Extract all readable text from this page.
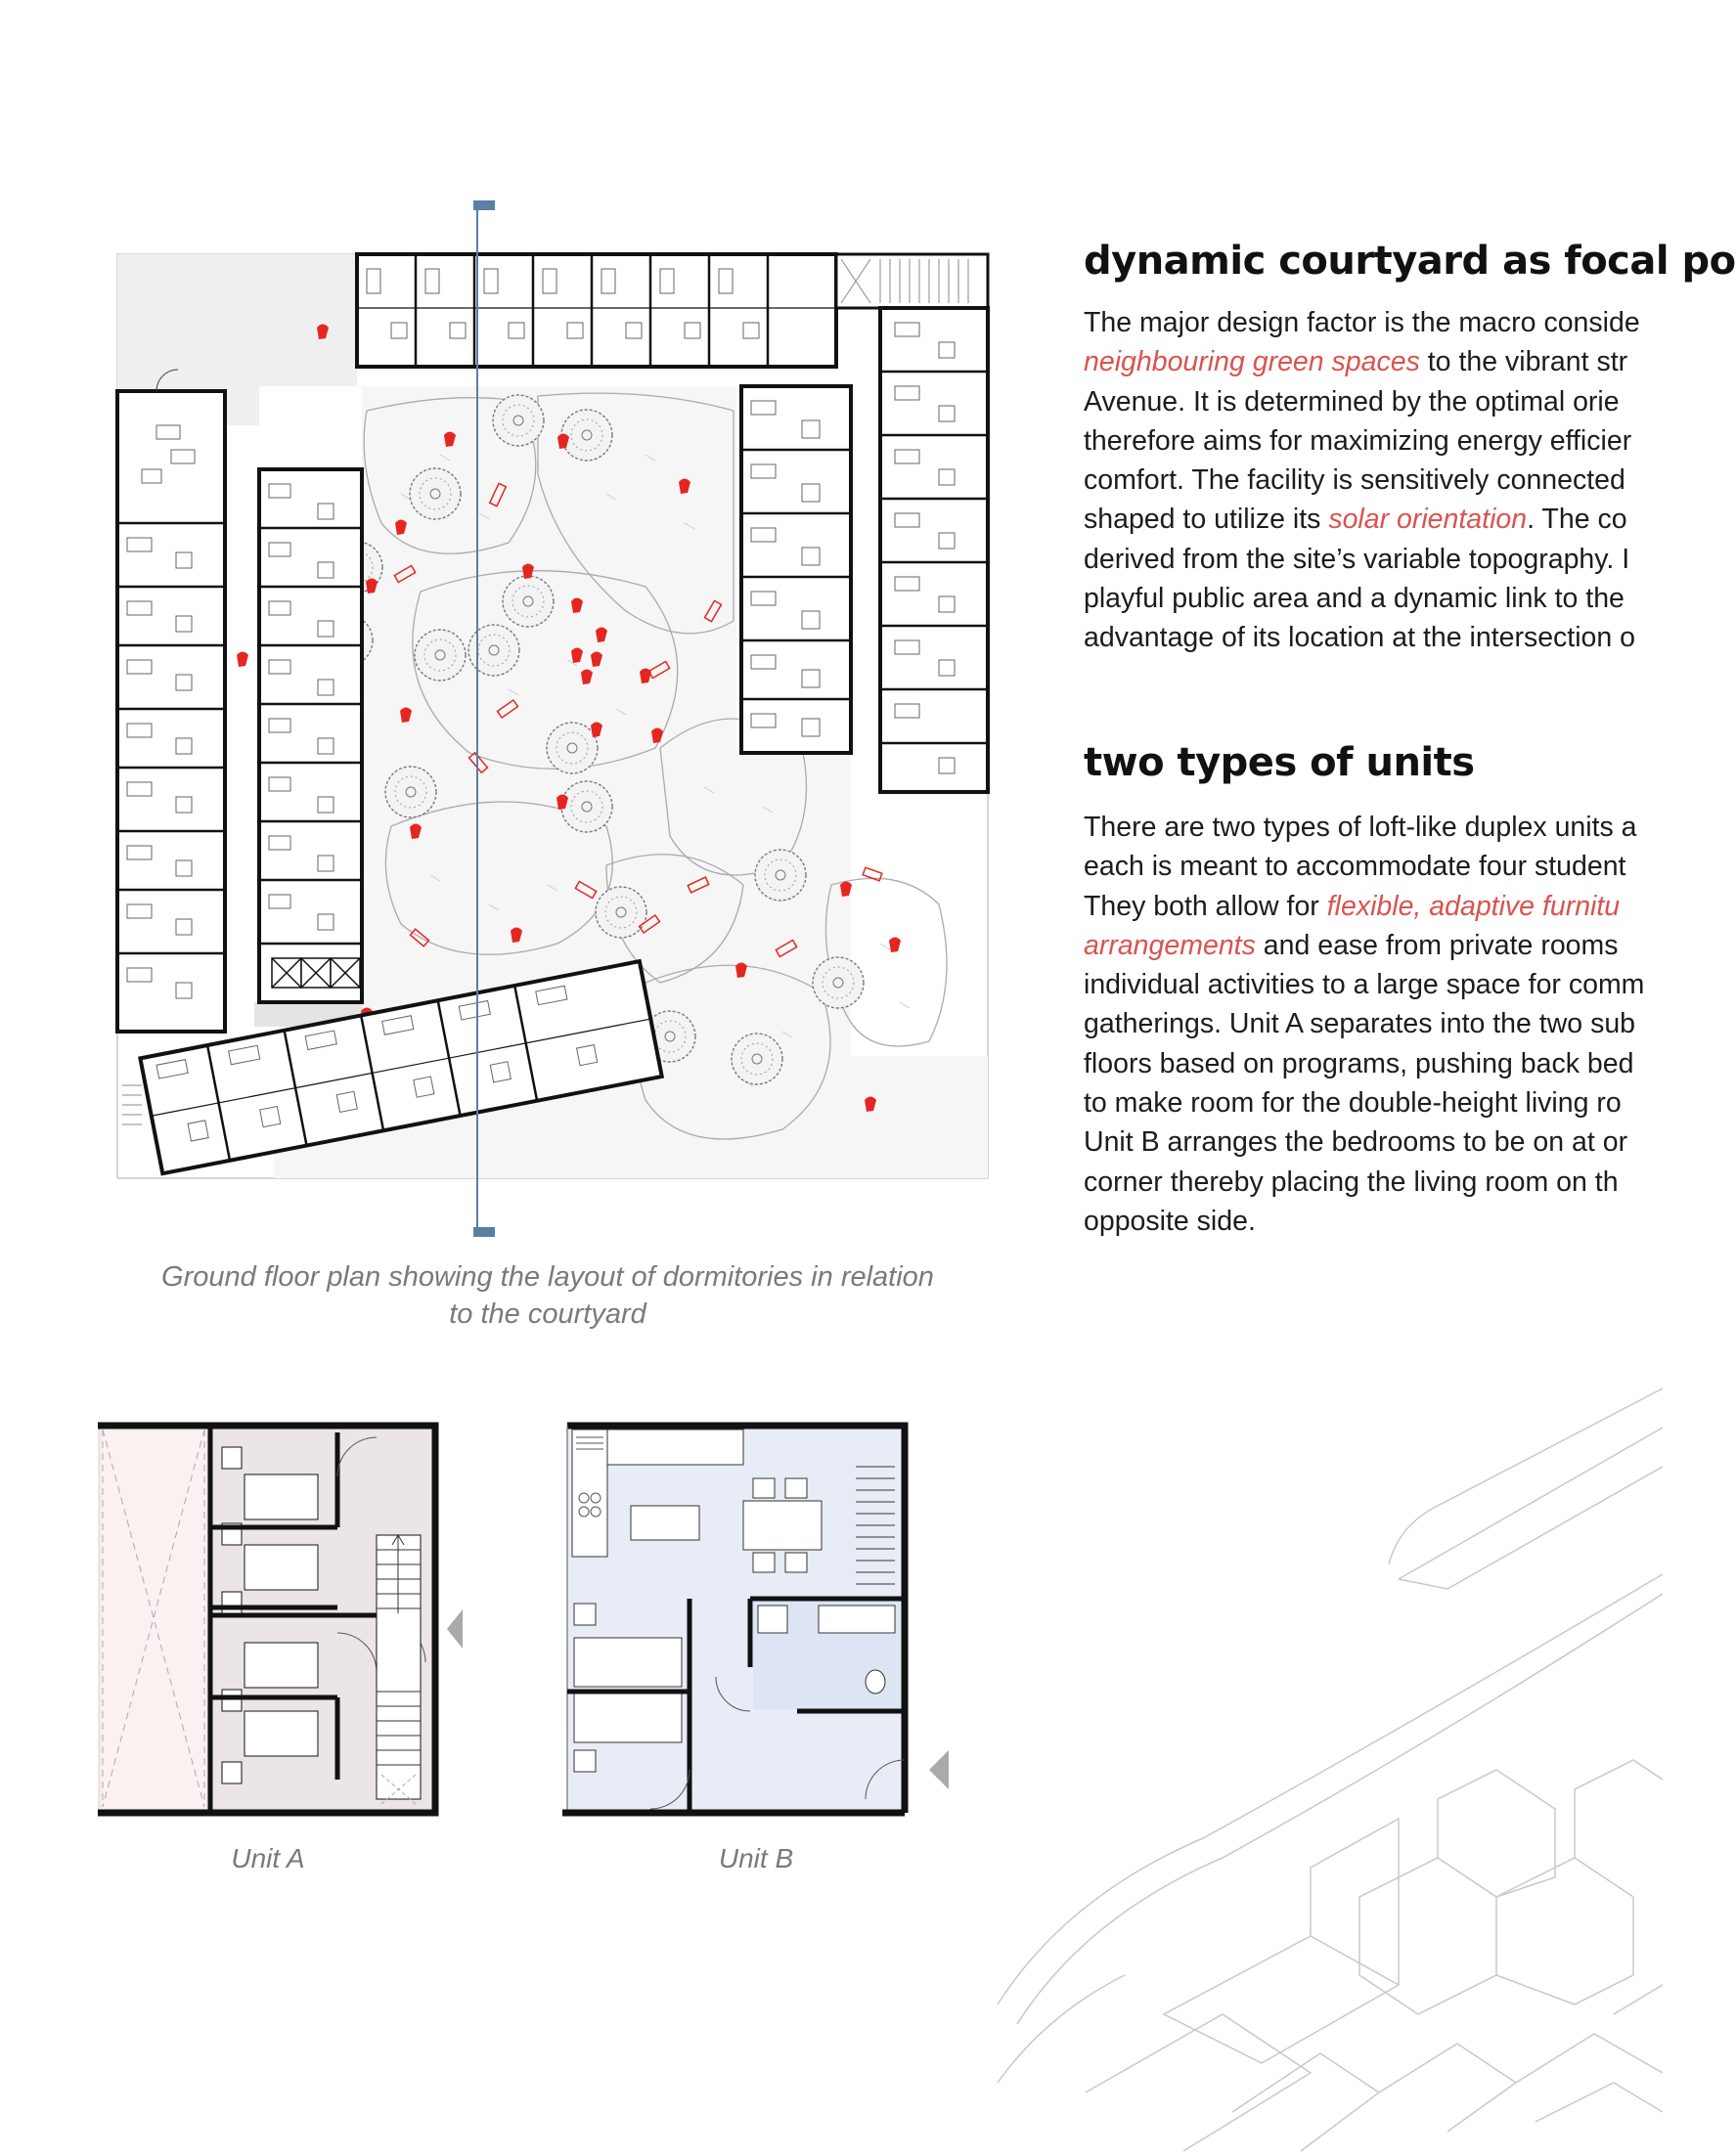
Ground floor plan showing the layout of dormitories in relation
to the courtyard
dynamic courtyard as focal po
The major design factor is the macro conside
neighbouring green spaces to the vibrant str
Avenue. It is determined by the optimal orie
therefore aims for maximizing energy efficier
comfort. The facility is sensitively connected
shaped to utilize its solar orientation. The co
derived from the site’s variable topography. I
playful public area and a dynamic link to the
advantage of its location at the intersection o
two types of units
There are two types of loft-like duplex units a
each is meant to accommodate four student
They both allow for flexible, adaptive furnitu
arrangements and ease from private rooms
individual activities to a large space for comm
gatherings. Unit A separates into the two sub
floors based on programs, pushing back bed
to make room for the double-height living ro
Unit B arranges the bedrooms to be on at or
corner thereby placing the living room on th
opposite side.
Unit A	Unit B
